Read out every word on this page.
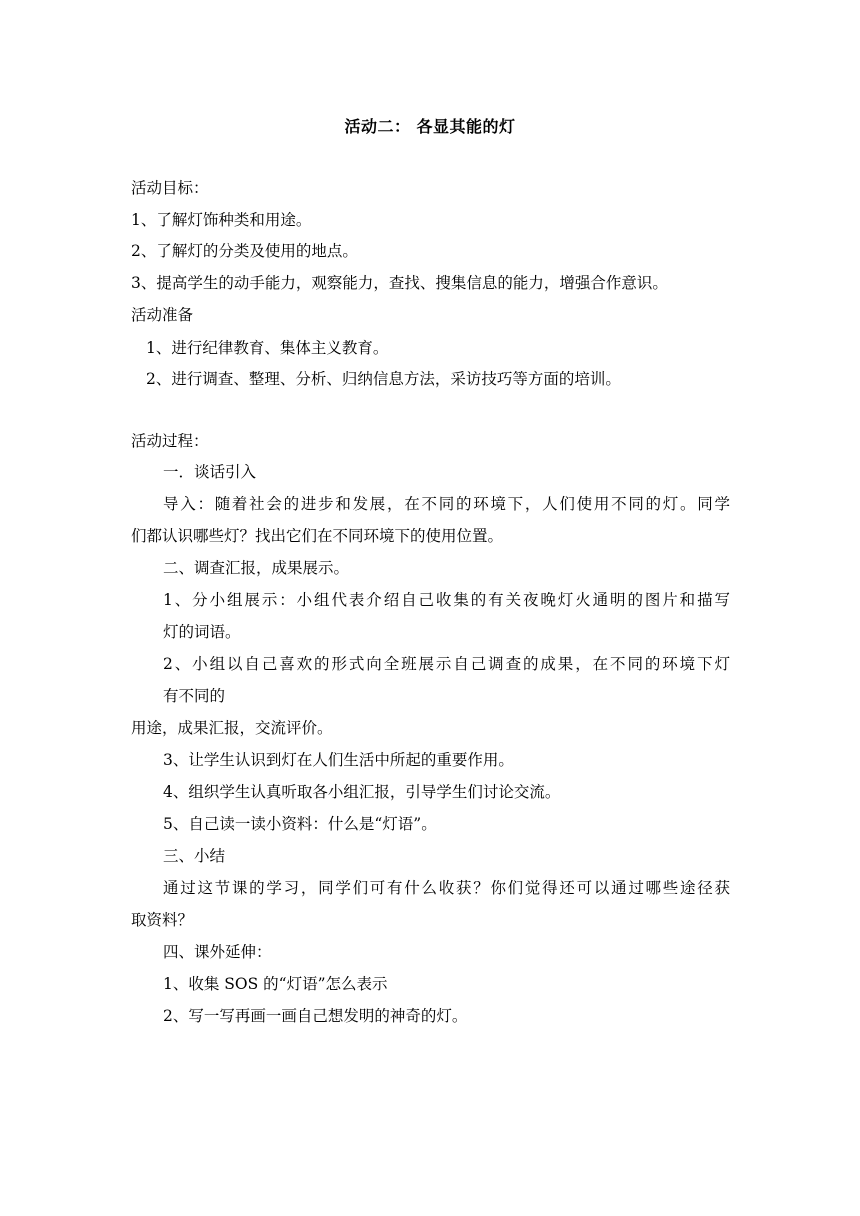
活动二： 各显其能的灯
活动目标：
1、了解灯饰种类和用途。
2、了解灯的分类及使用的地点。
3、提高学生的动手能力，观察能力，查找、搜集信息的能力，增强合作意识。
活动准备
1、进行纪律教育、集体主义教育。
2、进行调查、整理、分析、归纳信息方法，采访技巧等方面的培训。
活动过程：
一．谈话引入
导入：随着社会的进步和发展，在不同的环境下，人们使用不同的灯。同学
们都认识哪些灯？找出它们在不同环境下的使用位置。
二、调查汇报，成果展示。
1、分小组展示：小组代表介绍自己收集的有关夜晚灯火通明的图片和描写
灯的词语。
2、小组以自己喜欢的形式向全班展示自己调查的成果，在不同的环境下灯
有不同的
用途，成果汇报，交流评价。
3、让学生认识到灯在人们生活中所起的重要作用。
4、组织学生认真听取各小组汇报，引导学生们讨论交流。
5、自己读一读小资料：什么是“灯语”。
三、小结
通过这节课的学习，同学们可有什么收获？你们觉得还可以通过哪些途径获
取资料？
四、课外延伸：
1、收集 SOS 的“灯语”怎么表示
2、写一写再画一画自己想发明的神奇的灯。
